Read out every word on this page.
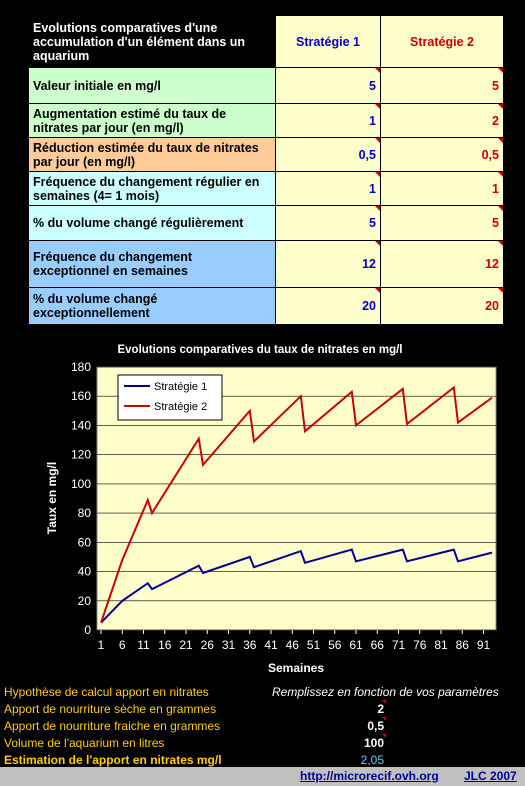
Evolutions comparatives d'une accumulation d'un élément dans un aquarium	Stratégie 1	Stratégie 2
Valeur initiale en mg/l	5	5
Augmentation estimé du taux de nitrates par jour (en mg/l)	1	2
Réduction estimée du taux de nitrates par jour (en mg/l)	0,5	0,5
Fréquence du changement régulier en semaines (4= 1 mois)	1	1
% du volume changé régulièrement	5	5
Fréquence du changement exceptionnel en semaines	12	12
% du volume changé exceptionnellement	20	20
Evolutions comparatives du taux de nitrates en mg/l
0
20
40
60
80
100
120
140
160
180
1 6 11 16 21 26 31 36 41 46 51 56 61 66 71 76 81 86 91
Semaines
Taux en mg/l
Stratégie 1
Stratégie 2
Hypothèse de calcul apport en nitrates	Remplissez en fonction de vos paramètres
Apport de nourriture sèche en grammes	2
Apport de nourriture fraiche en grammes	0,5
Volume de l'aquarium en litres	100
Estimation de l'apport en nitrates mg/l	2,05
http://microrecif.ovh.org JLC 2007
